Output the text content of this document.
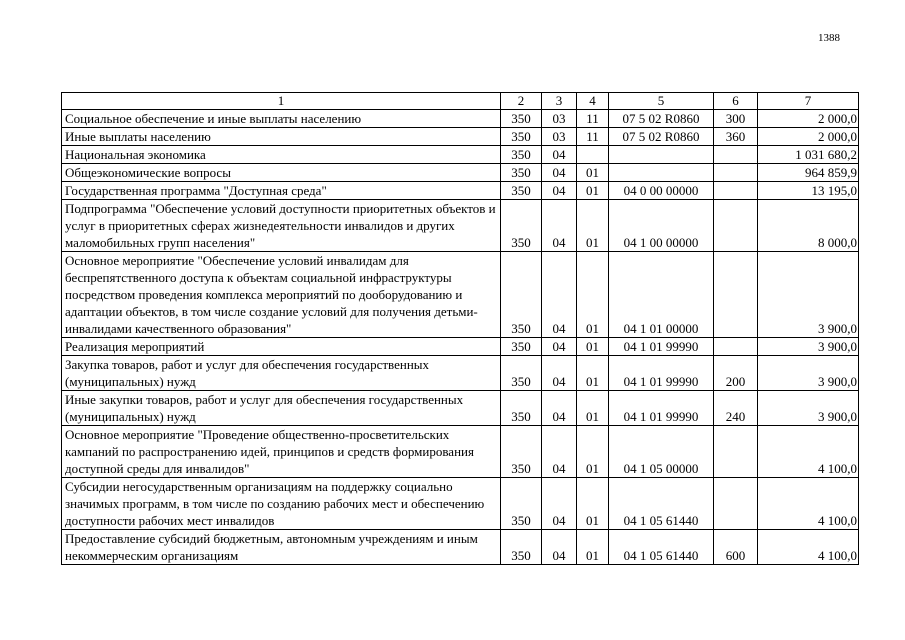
1388
1	2	3	4	5	6	7
Социальное обеспечение и иные выплаты населению	350	03	11	07 5 02 R0860	300	2 000,0
Иные выплаты населению	350	03	11	07 5 02 R0860	360	2 000,0
Национальная экономика	350	04				1 031 680,2
Общеэкономические вопросы	350	04	01			964 859,9
Государственная программа "Доступная среда"	350	04	01	04 0 00 00000		13 195,0
Подпрограмма "Обеспечение условий доступности приоритетных объектов и услуг в приоритетных сферах жизнедеятельности инвалидов и других маломобильных групп населения"	350	04	01	04 1 00 00000		8 000,0
Основное мероприятие "Обеспечение условий инвалидам для беспрепятственного доступа к объектам социальной инфраструктуры посредством проведения комплекса мероприятий по дооборудованию и адаптации объектов, в том числе создание условий для получения детьми-инвалидами качественного образования"	350	04	01	04 1 01 00000		3 900,0
Реализация мероприятий	350	04	01	04 1 01 99990		3 900,0
Закупка товаров, работ и услуг для обеспечения государственных (муниципальных) нужд	350	04	01	04 1 01 99990	200	3 900,0
Иные закупки товаров, работ и услуг для обеспечения государственных (муниципальных) нужд	350	04	01	04 1 01 99990	240	3 900,0
Основное мероприятие "Проведение общественно-просветительских кампаний по распространению идей, принципов и средств формирования доступной среды для инвалидов"	350	04	01	04 1 05 00000		4 100,0
Субсидии негосударственным организациям на поддержку социально значимых программ, в том числе по созданию рабочих мест и обеспечению доступности рабочих мест инвалидов	350	04	01	04 1 05 61440		4 100,0
Предоставление субсидий бюджетным, автономным учреждениям и иным некоммерческим организациям	350	04	01	04 1 05 61440	600	4 100,0
